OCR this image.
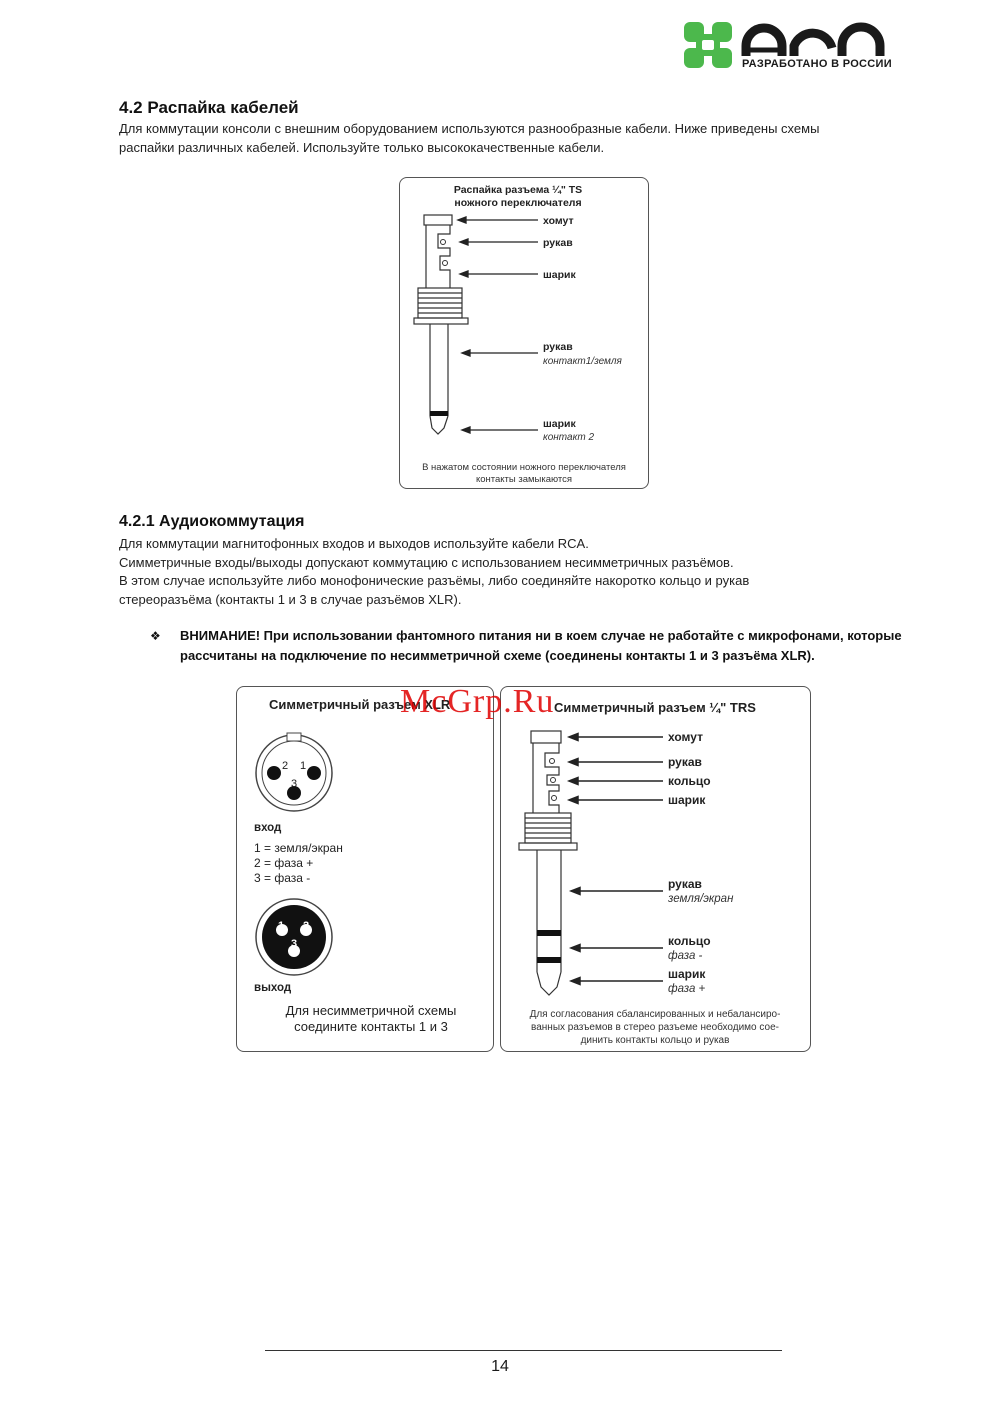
РАЗРАБОТАНО В РОССИИ
4.2 Распайка кабелей
Для коммутации консоли с внешним оборудованием используются разнообразные кабели. Ниже приведены схемы
распайки различных кабелей. Используйте только высококачественные кабели.
Распайка разъема ¼" TS
ножного переключателя
хомут
рукав
шарик
рукав
шарик
контакт1/земля
контакт 2
В нажатом состоянии ножного переключателя
контакты замыкаются
4.2.1 Аудиокоммутация
Для коммутации магнитофонных входов и выходов используйте кабели RCA.
Симметричные входы/выходы допускают коммутацию с использованием несимметричных разъёмов.
В этом случае используйте либо монофонические разъёмы, либо соединяйте накоротко кольцо и рукав
стереоразъёма (контакты 1 и 3 в случае разъёмов XLR).
❖ ВНИМАНИЕ! При использовании фантомного питания ни в коем случае не работайте с микрофонами, которые
рассчитаны на подключение по несимметричной схеме (соединены контакты 1 и 3 разъёма XLR).
Симметричный разъем XLR
2 1
3
вход
1 = земля/экран
2 = фаза +
3 = фаза -
1 2
3
выход
Для несимметричной схемы
соедините контакты 1 и 3
Симметричный разъем ¼" TRS
хомут
рукав
кольцо
шарик
рукав
кольцо
шарик
земля/экран
фаза -
фаза +
Для согласования сбалансированных и небалансиро-
ванных разъемов в стерео разъеме необходимо сое-
динить контакты кольцо и рукав
McGrp.Ru
14
